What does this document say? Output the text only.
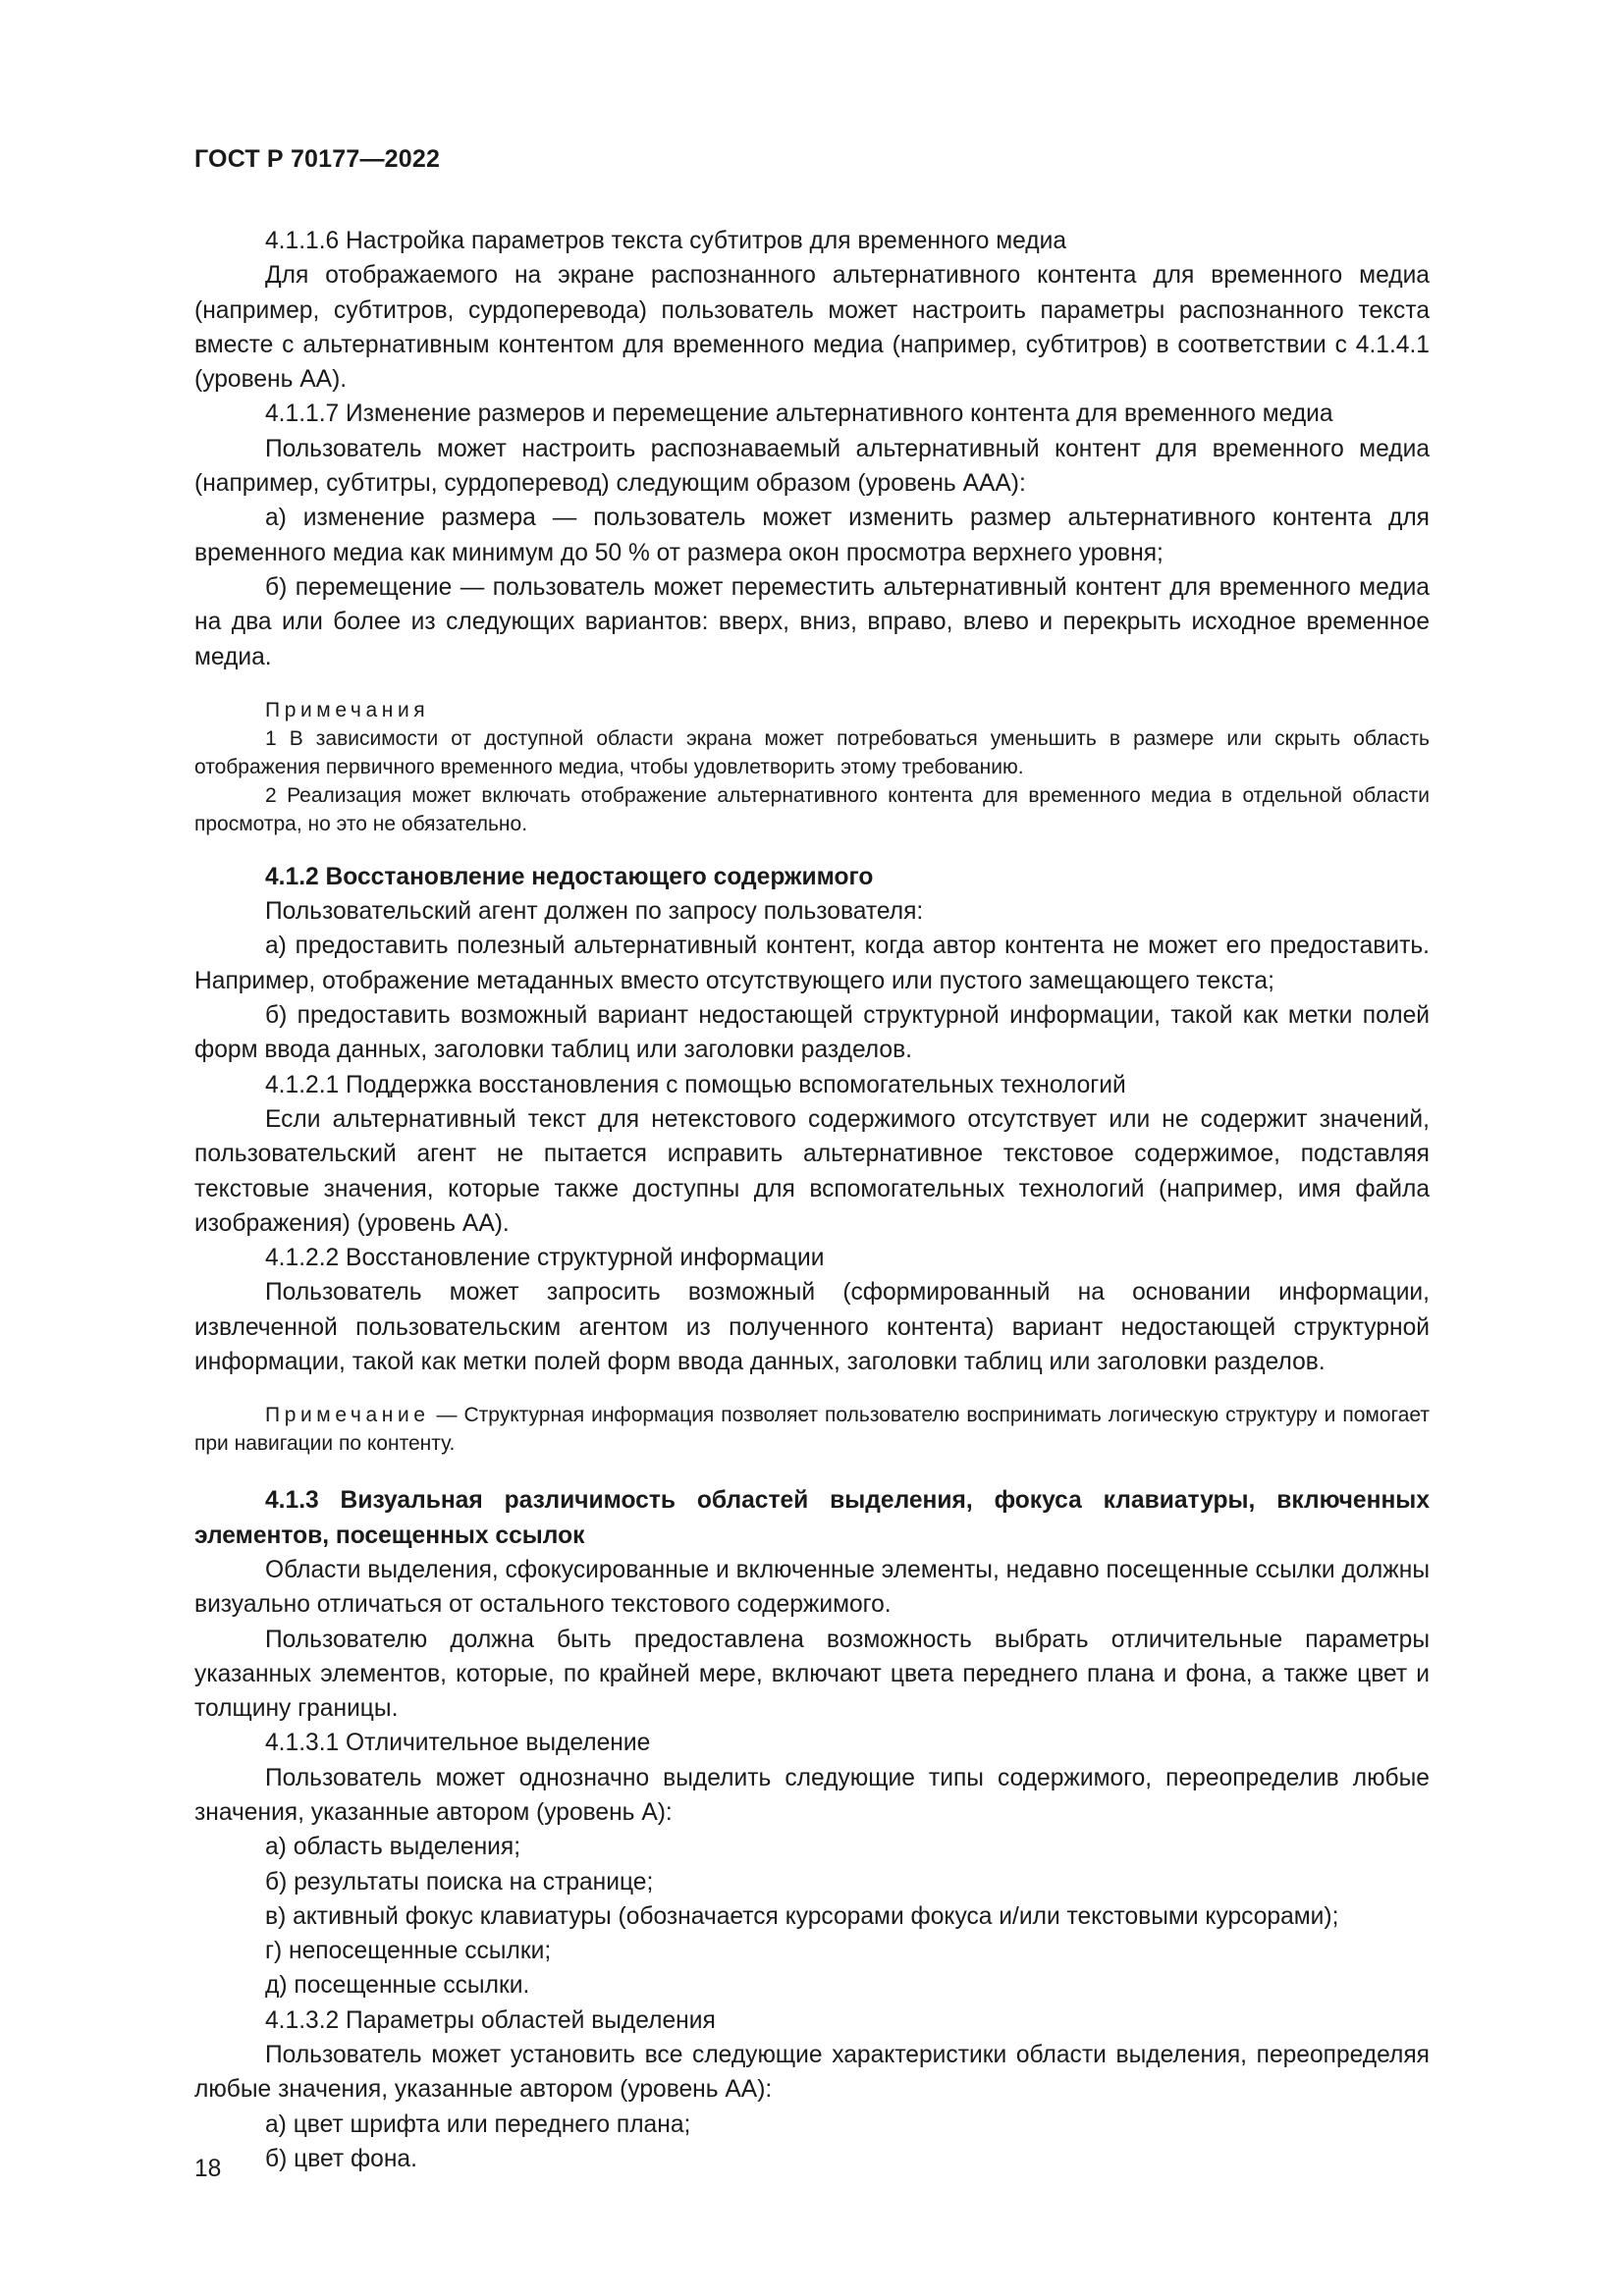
ГОСТ Р 70177—2022

4.1.1.6 Настройка параметров текста субтитров для временного медиа

Для отображаемого на экране распознанного альтернативного контента для временного медиа (например, субтитров, сурдоперевода) пользователь может настроить параметры распознанного текста вместе с альтернативным контентом для временного медиа (например, субтитров) в соответствии с 4.1.4.1 (уровень АА).

4.1.1.7 Изменение размеров и перемещение альтернативного контента для временного медиа

Пользователь может настроить распознаваемый альтернативный контент для временного медиа (например, субтитры, сурдоперевод) следующим образом (уровень ААА):

а) изменение размера — пользователь может изменить размер альтернативного контента для временного медиа как минимум до 50 % от размера окон просмотра верхнего уровня;

б) перемещение — пользователь может переместить альтернативный контент для временного медиа на два или более из следующих вариантов: вверх, вниз, вправо, влево и перекрыть исходное временное медиа.

Примечания

1 В зависимости от доступной области экрана может потребоваться уменьшить в размере или скрыть область отображения первичного временного медиа, чтобы удовлетворить этому требованию.

2 Реализация может включать отображение альтернативного контента для временного медиа в отдельной области просмотра, но это не обязательно.

4.1.2 Восстановление недостающего содержимого

Пользовательский агент должен по запросу пользователя:

а) предоставить полезный альтернативный контент, когда автор контента не может его предоставить. Например, отображение метаданных вместо отсутствующего или пустого замещающего текста;

б) предоставить возможный вариант недостающей структурной информации, такой как метки полей форм ввода данных, заголовки таблиц или заголовки разделов.

4.1.2.1 Поддержка восстановления с помощью вспомогательных технологий

Если альтернативный текст для нетекстового содержимого отсутствует или не содержит значений, пользовательский агент не пытается исправить альтернативное текстовое содержимое, подставляя текстовые значения, которые также доступны для вспомогательных технологий (например, имя файла изображения) (уровень АА).

4.1.2.2 Восстановление структурной информации

Пользователь может запросить возможный (сформированный на основании информации, извлеченной пользовательским агентом из полученного контента) вариант недостающей структурной информации, такой как метки полей форм ввода данных, заголовки таблиц или заголовки разделов.

Примечание — Структурная информация позволяет пользователю воспринимать логическую структуру и помогает при навигации по контенту.

4.1.3 Визуальная различимость областей выделения, фокуса клавиатуры, включенных элементов, посещенных ссылок

Области выделения, сфокусированные и включенные элементы, недавно посещенные ссылки должны визуально отличаться от остального текстового содержимого.

Пользователю должна быть предоставлена возможность выбрать отличительные параметры указанных элементов, которые, по крайней мере, включают цвета переднего плана и фона, а также цвет и толщину границы.

4.1.3.1 Отличительное выделение

Пользователь может однозначно выделить следующие типы содержимого, переопределив любые значения, указанные автором (уровень А):

а) область выделения;

б) результаты поиска на странице;

в) активный фокус клавиатуры (обозначается курсорами фокуса и/или текстовыми курсорами);

г) непосещенные ссылки;

д) посещенные ссылки.

4.1.3.2 Параметры областей выделения

Пользователь может установить все следующие характеристики области выделения, переопределяя любые значения, указанные автором (уровень АА):

а) цвет шрифта или переднего плана;

б) цвет фона.

18
